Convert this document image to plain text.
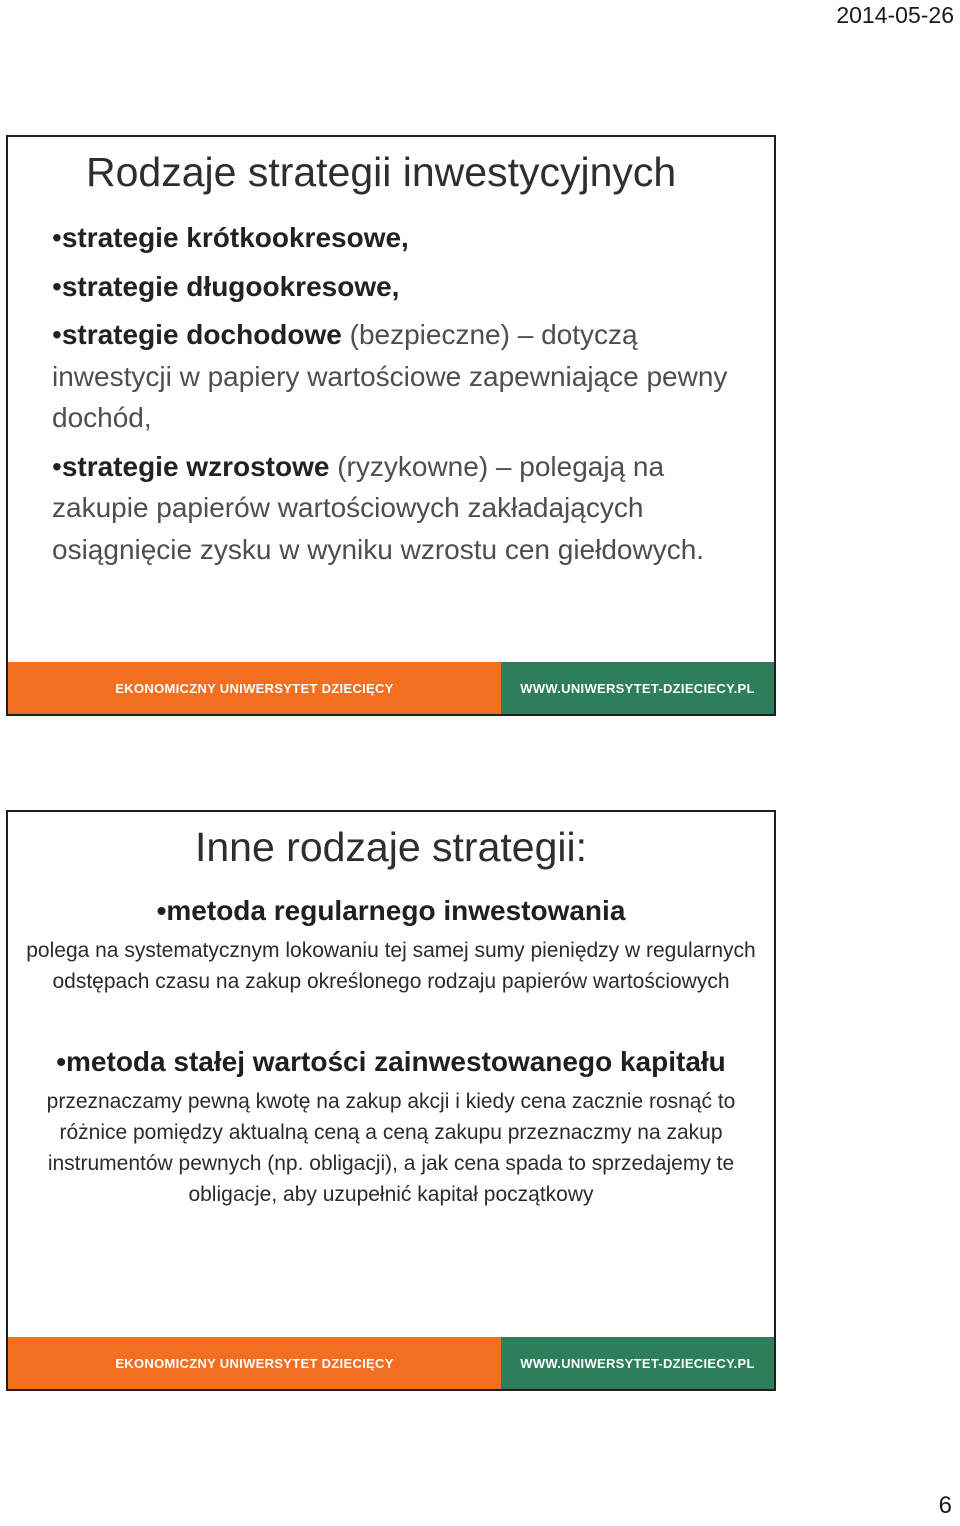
2014-05-26
Rodzaje strategii inwestycyjnych
•strategie krótkookresowe,
•strategie długookresowe,
•strategie dochodowe (bezpieczne) – dotyczą inwestycji w papiery wartościowe zapewniające pewny dochód,
•strategie wzrostowe (ryzykowne) – polegają na zakupie papierów wartościowych zakładających osiągnięcie zysku w wyniku wzrostu cen giełdowych.
EKONOMICZNY UNIWERSYTET DZIECIĘCY	WWW.UNIWERSYTET-DZIECIECY.PL
Inne rodzaje strategii:

•metoda regularnego inwestowania

polega na systematycznym lokowaniu tej samej sumy pieniędzy w regularnych odstępach czasu na zakup określonego rodzaju papierów wartościowych

•metoda stałej wartości zainwestowanego kapitału

przeznaczamy pewną kwotę na zakup akcji i kiedy cena zacznie rosnąć to różnice pomiędzy aktualną ceną a ceną zakupu przeznaczmy na zakup instrumentów pewnych (np. obligacji), a jak cena spada to sprzedajemy te obligacje, aby uzupełnić kapitał początkowy

EKONOMICZNY UNIWERSYTET DZIECIĘCY	WWW.UNIWERSYTET-DZIECIECY.PL
6
